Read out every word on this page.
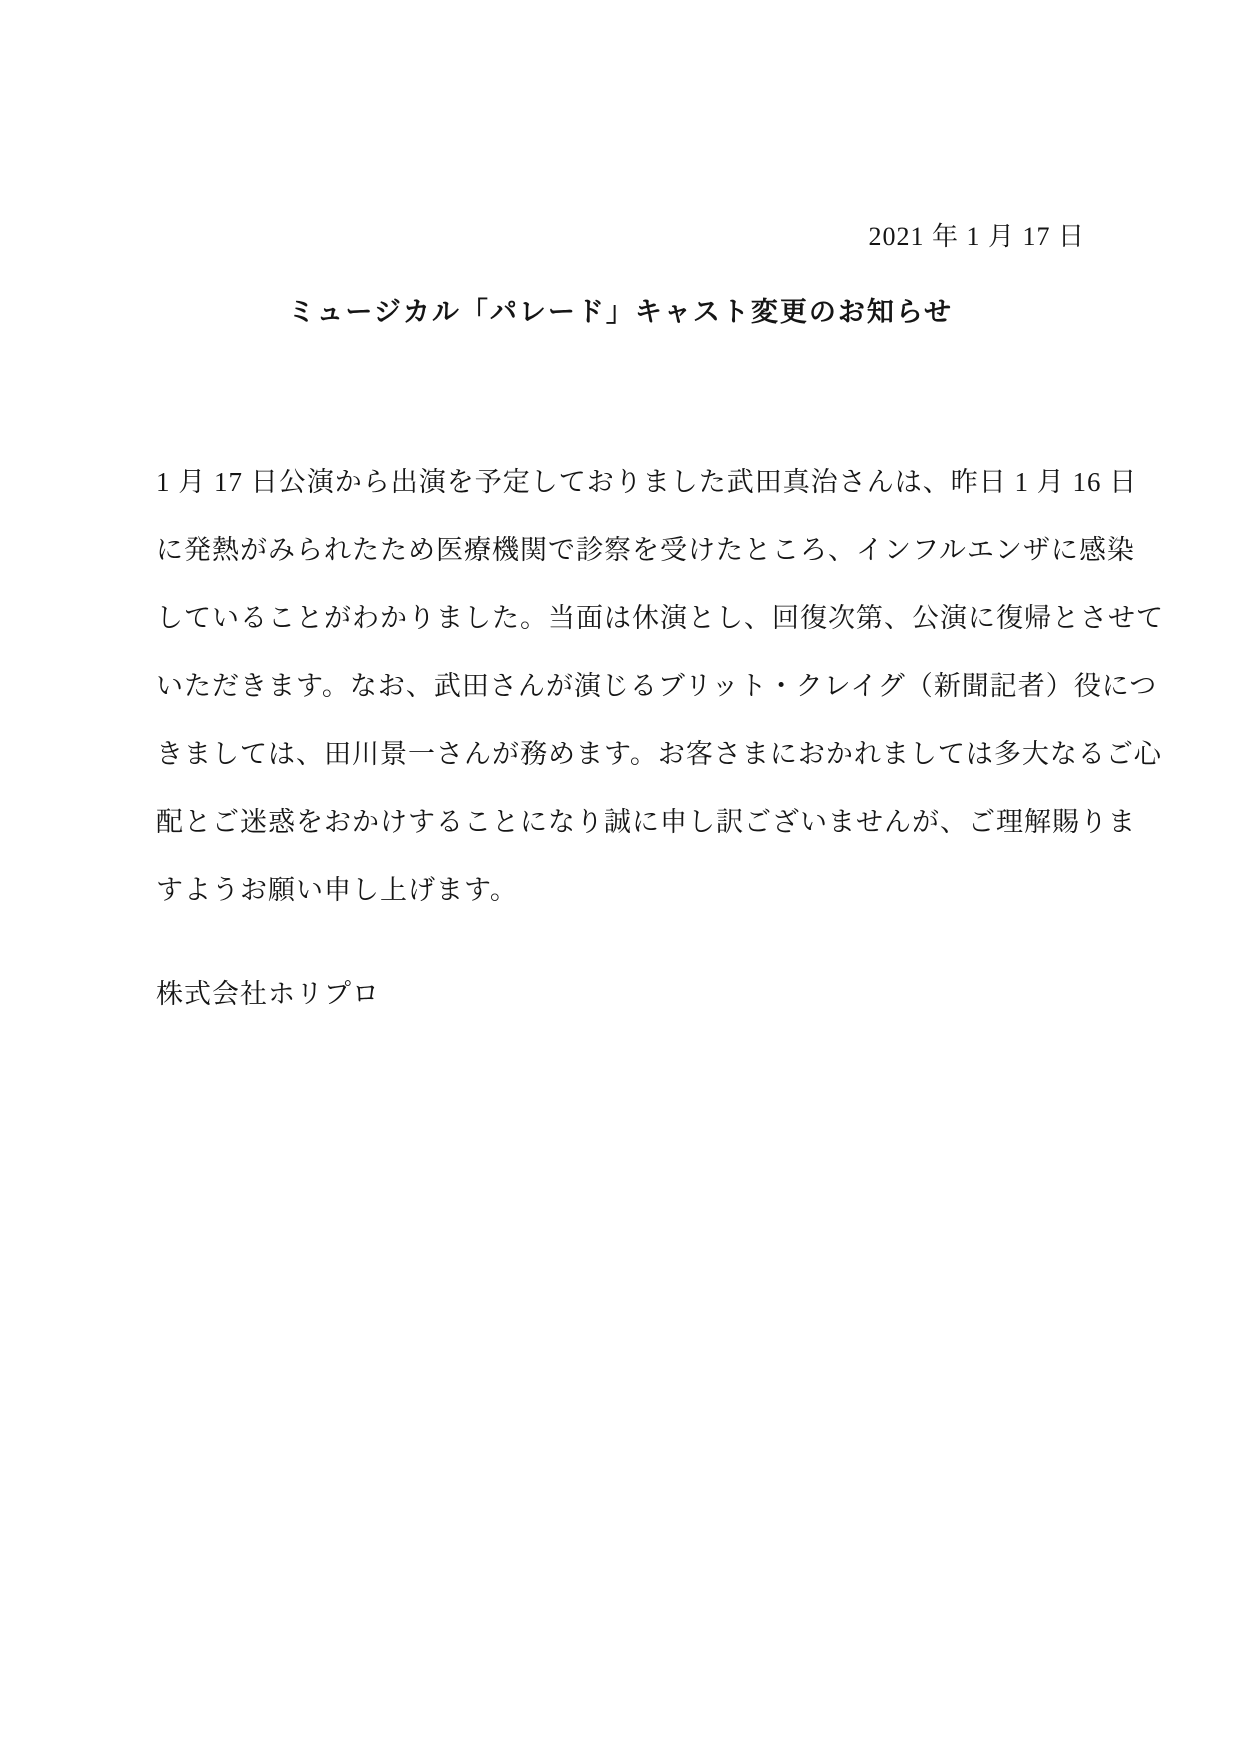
2021 年 1 月 17 日
ミュージカル「パレード」キャスト変更のお知らせ
1 月 17 日公演から出演を予定しておりました武田真治さんは、昨日 1 月 16 日
に発熱がみられたため医療機関で診察を受けたところ、インフルエンザに感染
していることがわかりました。当面は休演とし、回復次第、公演に復帰とさせて
いただきます。なお、武田さんが演じるブリット・クレイグ（新聞記者）役につ
きましては、田川景一さんが務めます。お客さまにおかれましては多大なるご心
配とご迷惑をおかけすることになり誠に申し訳ございませんが、ご理解賜りま
すようお願い申し上げます。
株式会社ホリプロ
